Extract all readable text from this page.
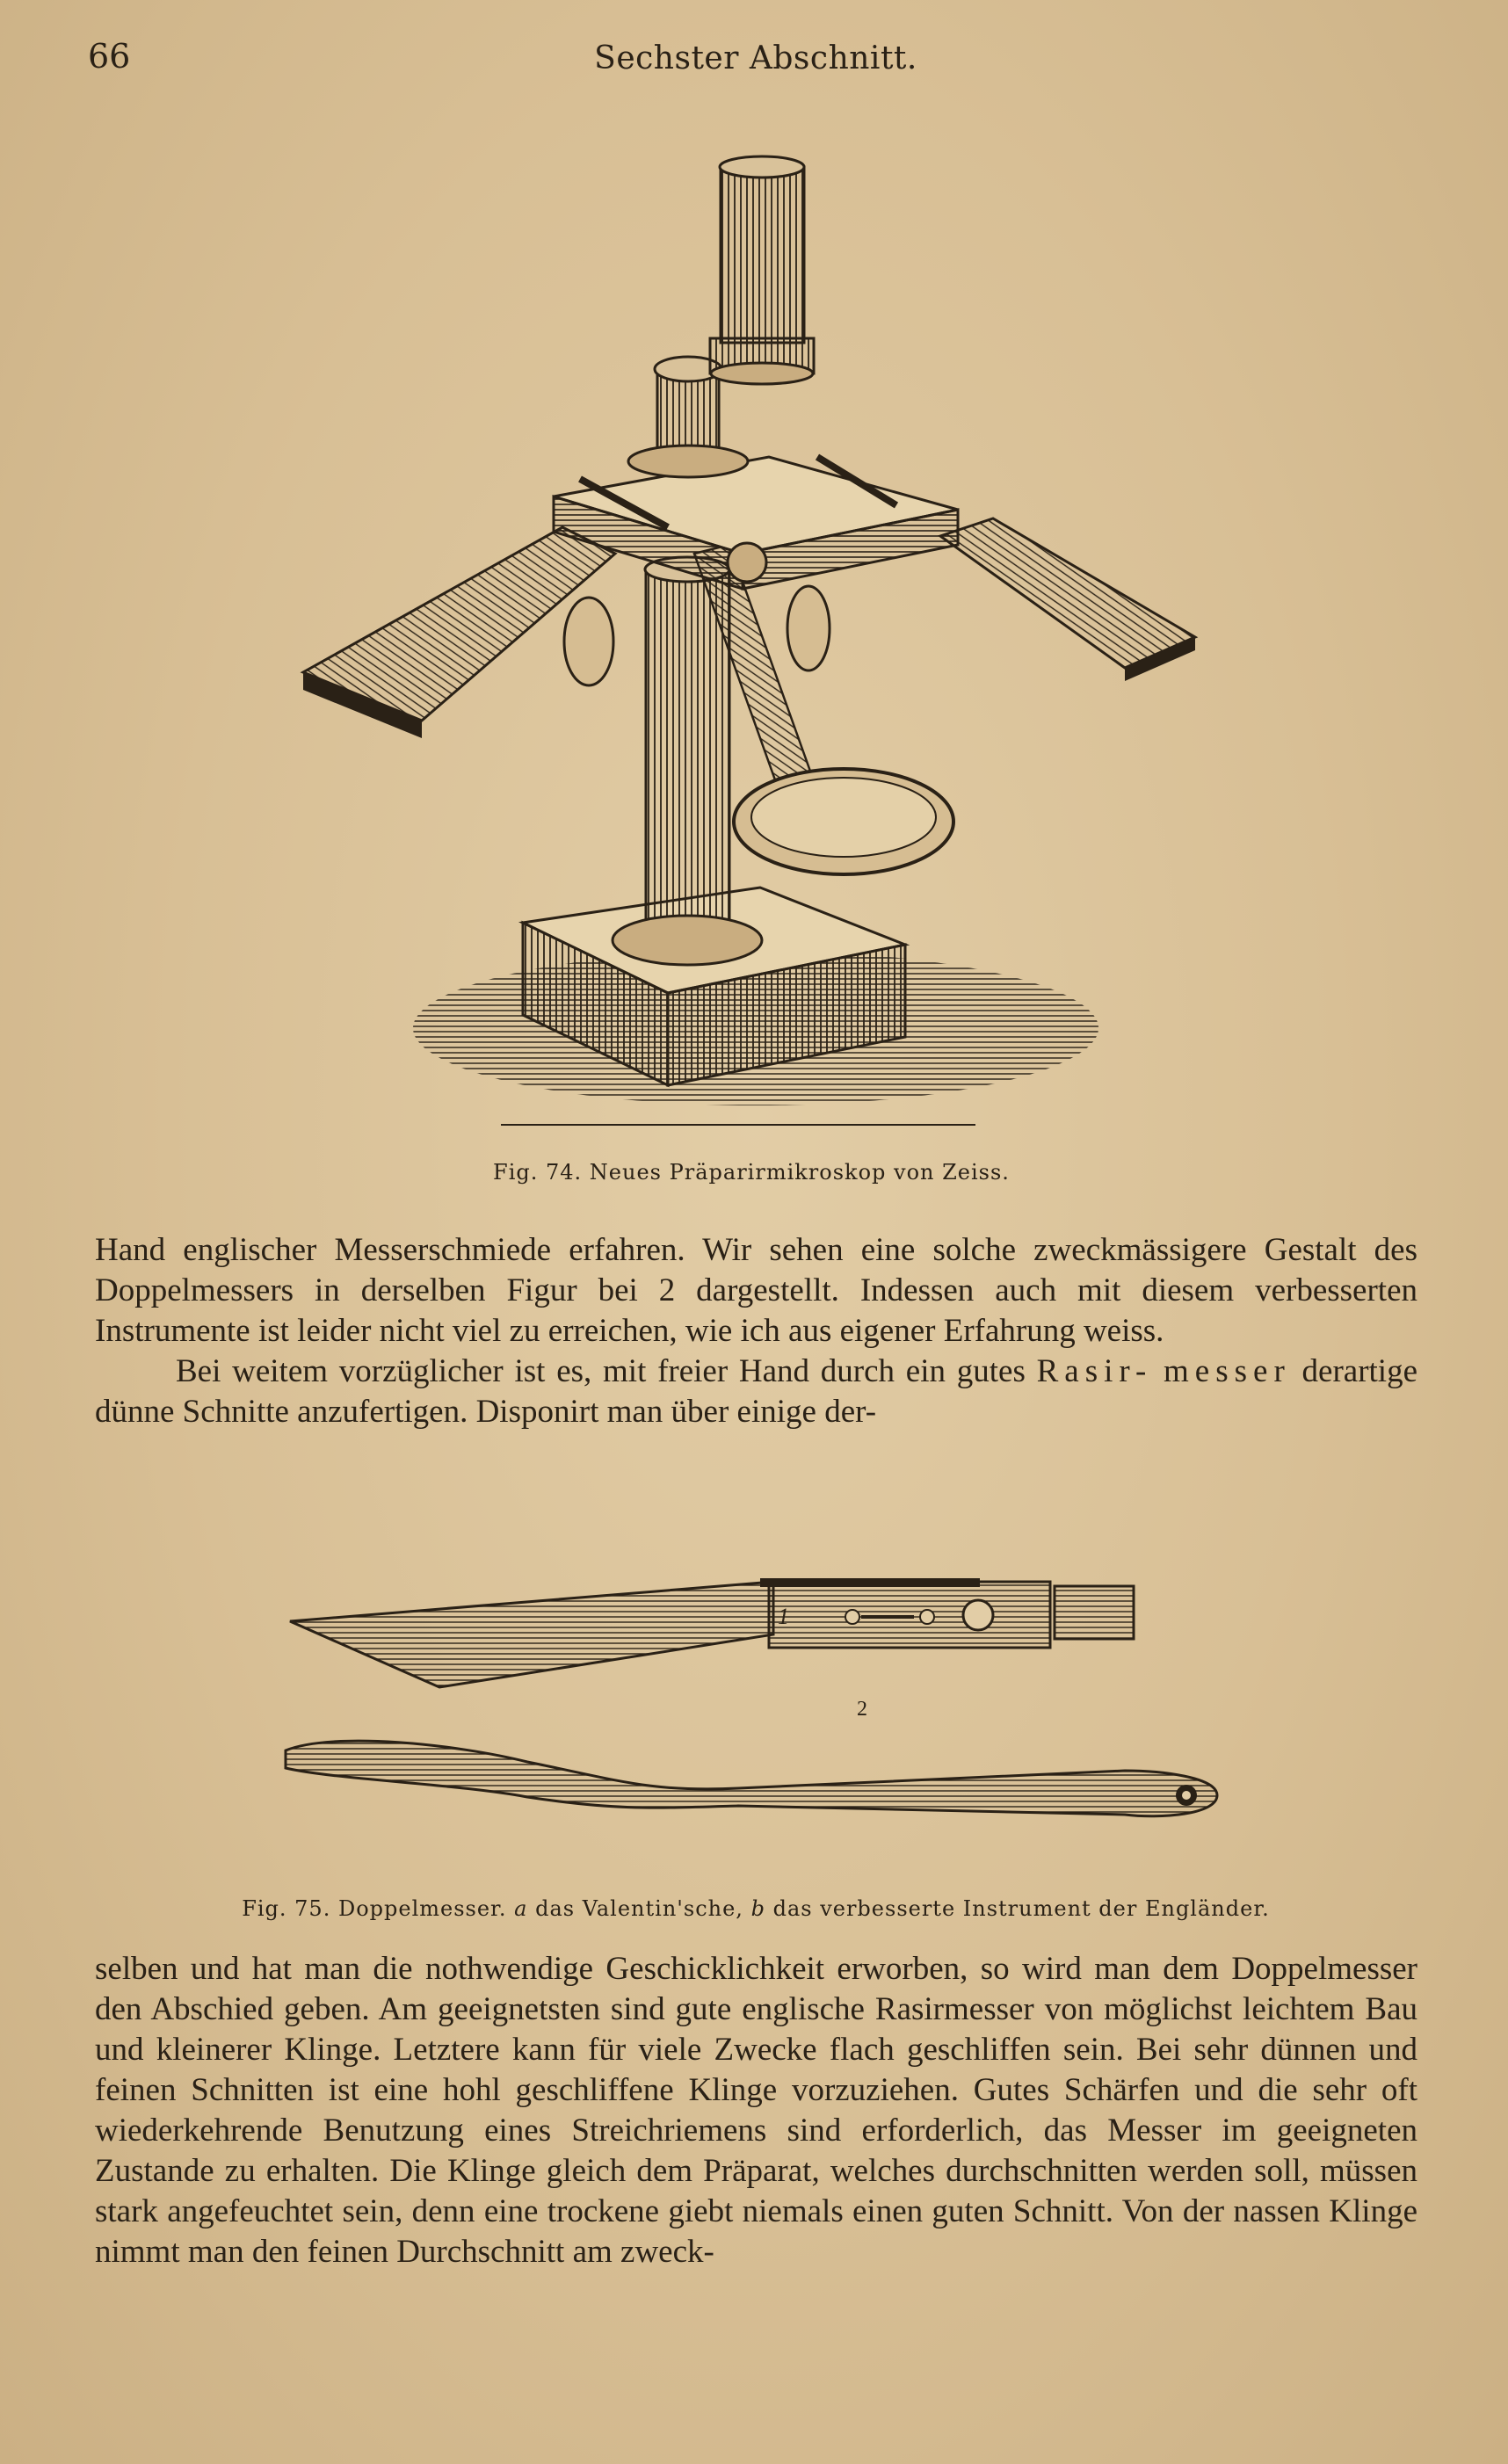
66	Sechster Abschnitt.
Fig. 74. Neues Präparirmikroskop von Zeiss.
Hand englischer Messerschmiede erfahren. Wir sehen eine solche zweckmässigere Gestalt des Doppelmessers in derselben Figur bei 2 dargestellt. Indessen auch mit diesem verbesserten Instrumente ist leider nicht viel zu erreichen, wie ich aus eigener Erfahrung weiss.
Bei weitem vorzüglicher ist es, mit freier Hand durch ein gutes Rasir- messer derartige dünne Schnitte anzufertigen. Disponirt man über einige der-
1
2
Fig. 75. Doppelmesser. a das Valentin'sche, b das verbesserte Instrument der Engländer.

selben und hat man die nothwendige Geschicklichkeit erworben, so wird man dem Doppelmesser den Abschied geben. Am geeignetsten sind gute englische Rasirmesser von möglichst leichtem Bau und kleinerer Klinge. Letztere kann für viele Zwecke flach geschliffen sein. Bei sehr dünnen und feinen Schnitten ist eine hohl geschliffene Klinge vorzuziehen. Gutes Schärfen und die sehr oft wiederkehrende Benutzung eines Streichriemens sind erforderlich, das Messer im geeigneten Zustande zu erhalten. Die Klinge gleich dem Präparat, welches durchschnitten werden soll, müssen stark angefeuchtet sein, denn eine trockene giebt niemals einen guten Schnitt. Von der nassen Klinge nimmt man den feinen Durchschnitt am zweck-
